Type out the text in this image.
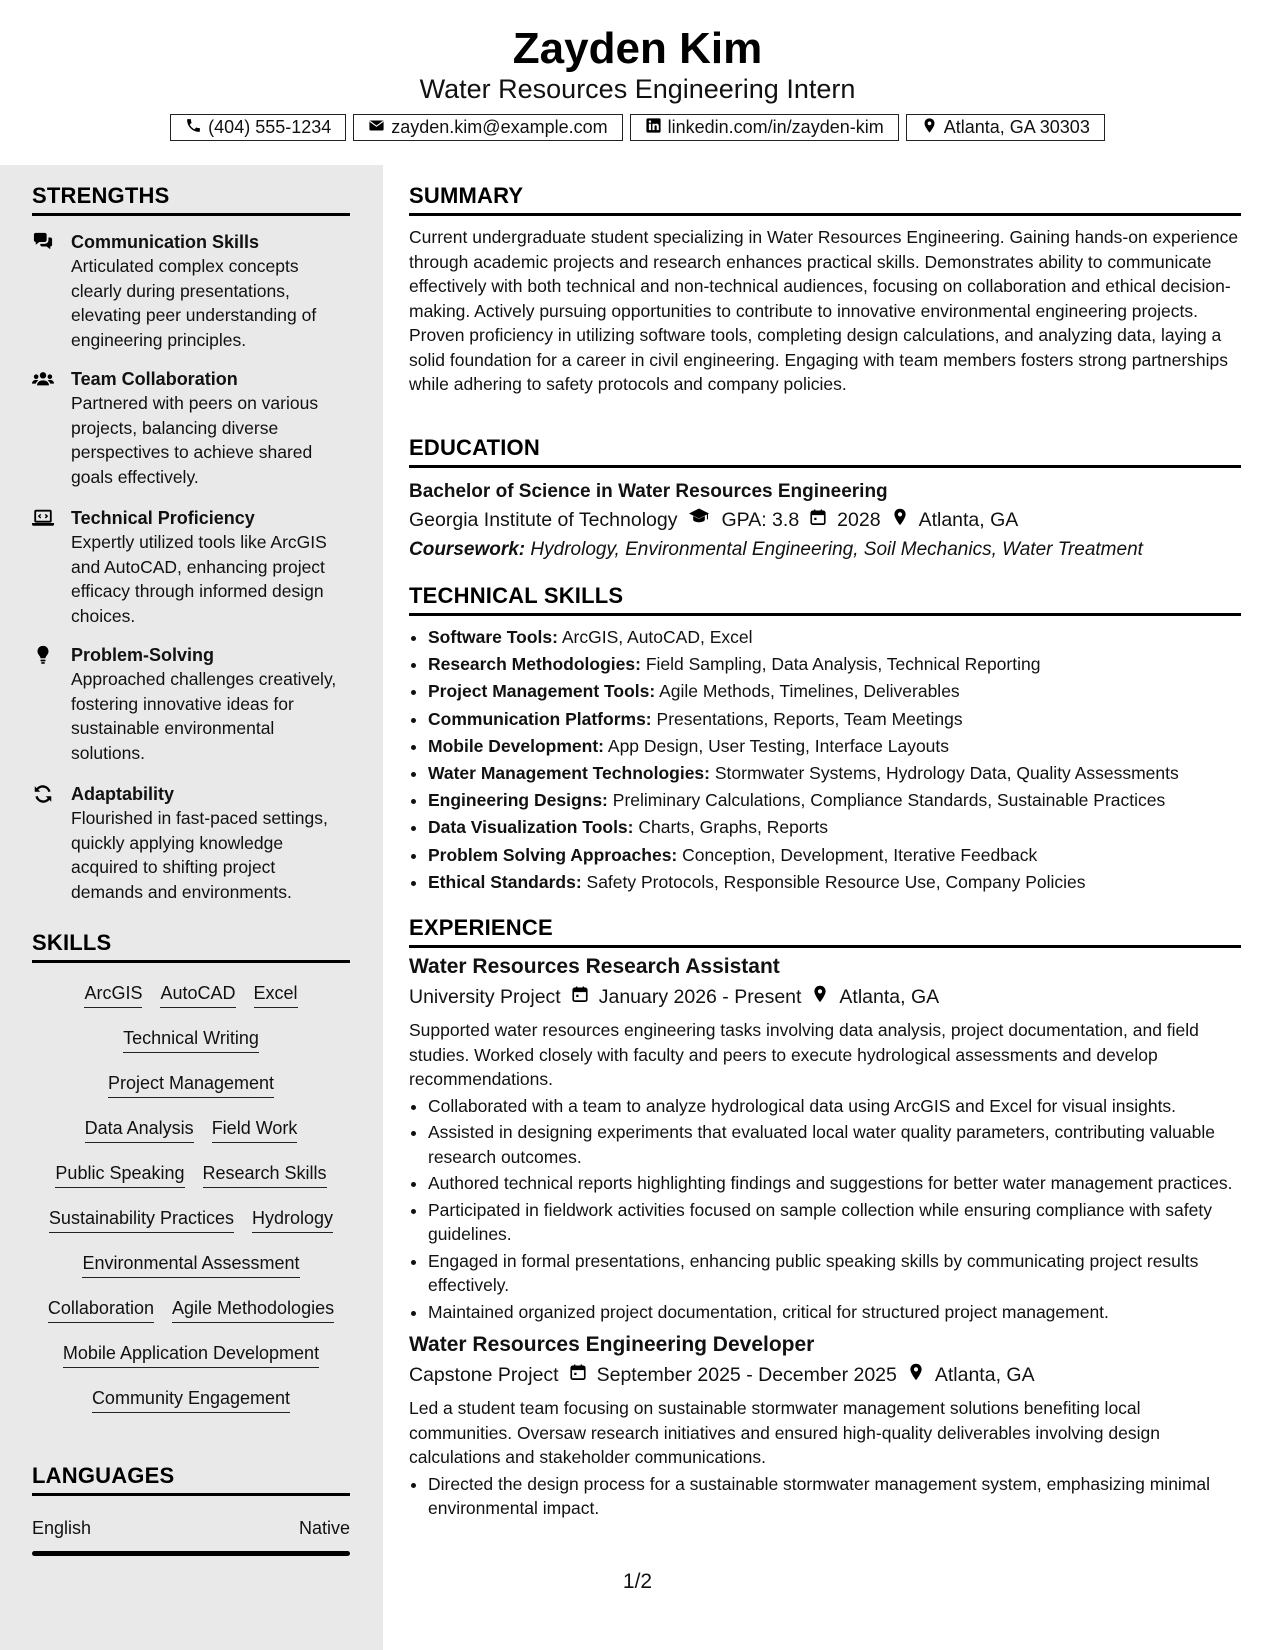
Zayden Kim
Water Resources Engineering Intern
(404) 555-1234	zayden.kim@example.com	linkedin.com/in/zayden-kim	Atlanta, GA 30303
STRENGTHS
Communication Skills
Articulated complex concepts clearly during presentations, elevating peer understanding of engineering principles.
Team Collaboration
Partnered with peers on various projects, balancing diverse perspectives to achieve shared goals effectively.
Technical Proficiency
Expertly utilized tools like ArcGIS and AutoCAD, enhancing project efficacy through informed design choices.
Problem-Solving
Approached challenges creatively, fostering innovative ideas for sustainable environmental solutions.
Adaptability
Flourished in fast-paced settings, quickly applying knowledge acquired to shifting project demands and environments.
SKILLS
ArcGIS AutoCAD Excel
Technical Writing
Project Management
Data Analysis Field Work
Public Speaking Research Skills
Sustainability Practices Hydrology
Environmental Assessment
Collaboration Agile Methodologies
Mobile Application Development
Community Engagement
LANGUAGES
English	Native
SUMMARY
Current undergraduate student specializing in Water Resources Engineering. Gaining hands-on experience through academic projects and research enhances practical skills. Demonstrates ability to communicate effectively with both technical and non-technical audiences, focusing on collaboration and ethical decision-making. Actively pursuing opportunities to contribute to innovative environmental engineering projects. Proven proficiency in utilizing software tools, completing design calculations, and analyzing data, laying a solid foundation for a career in civil engineering. Engaging with team members fosters strong partnerships while adhering to safety protocols and company policies.
EDUCATION
Bachelor of Science in Water Resources Engineering
Georgia Institute of Technology GPA: 3.8 2028 Atlanta, GA
Coursework: Hydrology, Environmental Engineering, Soil Mechanics, Water Treatment
TECHNICAL SKILLS
• Software Tools: ArcGIS, AutoCAD, Excel
• Research Methodologies: Field Sampling, Data Analysis, Technical Reporting
• Project Management Tools: Agile Methods, Timelines, Deliverables
• Communication Platforms: Presentations, Reports, Team Meetings
• Mobile Development: App Design, User Testing, Interface Layouts
• Water Management Technologies: Stormwater Systems, Hydrology Data, Quality Assessments
• Engineering Designs: Preliminary Calculations, Compliance Standards, Sustainable Practices
• Data Visualization Tools: Charts, Graphs, Reports
• Problem Solving Approaches: Conception, Development, Iterative Feedback
• Ethical Standards: Safety Protocols, Responsible Resource Use, Company Policies
EXPERIENCE
Water Resources Research Assistant
University Project January 2026 - Present Atlanta, GA
Supported water resources engineering tasks involving data analysis, project documentation, and field studies. Worked closely with faculty and peers to execute hydrological assessments and develop recommendations.
• Collaborated with a team to analyze hydrological data using ArcGIS and Excel for visual insights.
• Assisted in designing experiments that evaluated local water quality parameters, contributing valuable research outcomes.
• Authored technical reports highlighting findings and suggestions for better water management practices.
• Participated in fieldwork activities focused on sample collection while ensuring compliance with safety guidelines.
• Engaged in formal presentations, enhancing public speaking skills by communicating project results effectively.
• Maintained organized project documentation, critical for structured project management.
Water Resources Engineering Developer
Capstone Project September 2025 - December 2025 Atlanta, GA
Led a student team focusing on sustainable stormwater management solutions benefiting local communities. Oversaw research initiatives and ensured high-quality deliverables involving design calculations and stakeholder communications.
• Directed the design process for a sustainable stormwater management system, emphasizing minimal environmental impact.
1/2
